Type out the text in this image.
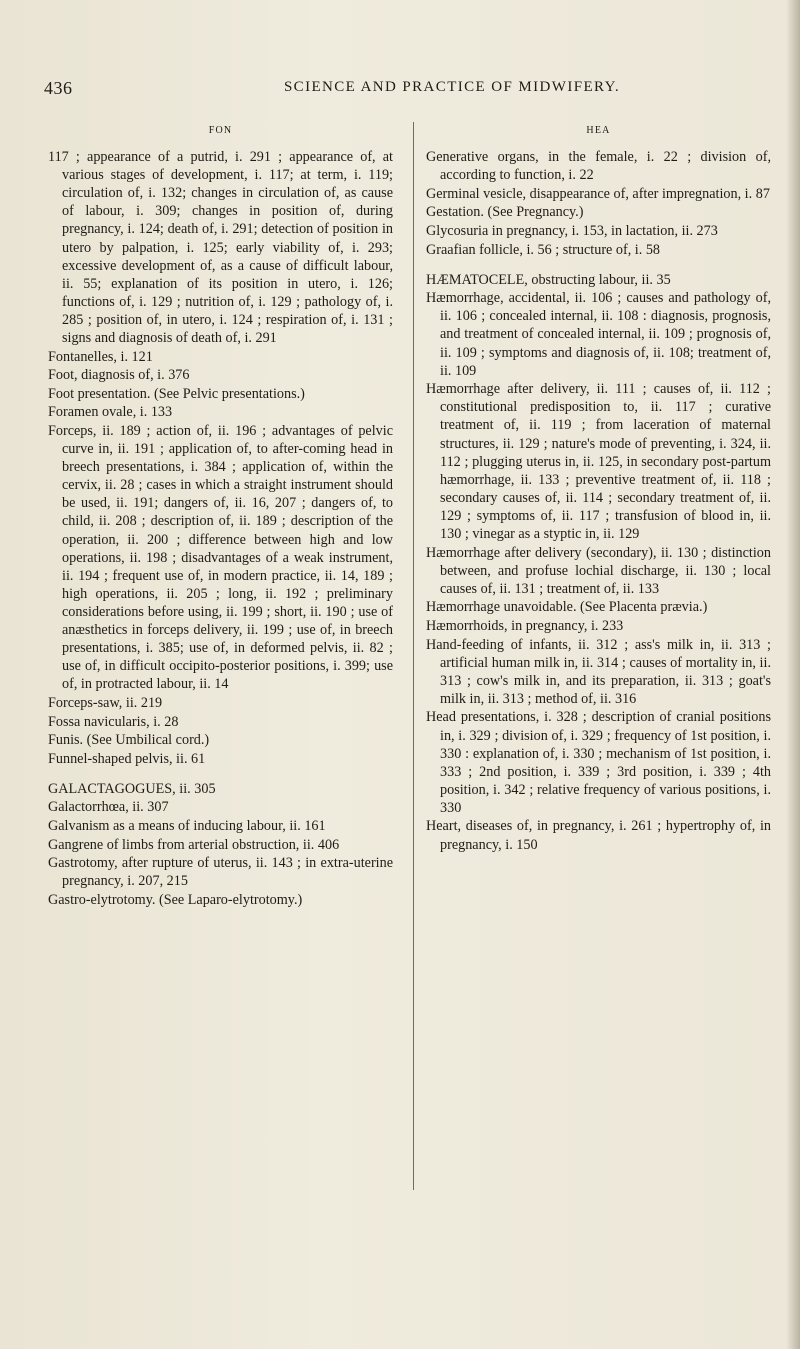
436	SCIENCE AND PRACTICE OF MIDWIFERY.
FON

117 ; appearance of a putrid, i. 291 ; appearance of, at various stages of development, i. 117; at term, i. 119; circulation of, i. 132; changes in circulation of, as cause of labour, i. 309; changes in position of, during pregnancy, i. 124; death of, i. 291; detection of position in utero by palpation, i. 125; early viability of, i. 293; excessive development of, as a cause of difficult labour, ii. 55; explanation of its position in utero, i. 126; functions of, i. 129 ; nutrition of, i. 129 ; pathology of, i. 285 ; position of, in utero, i. 124 ; respiration of, i. 131 ; signs and diagnosis of death of, i. 291

Fontanelles, i. 121

Foot, diagnosis of, i. 376

Foot presentation. (See Pelvic presentations.)

Foramen ovale, i. 133

Forceps, ii. 189 ; action of, ii. 196 ; advantages of pelvic curve in, ii. 191 ; application of, to after-coming head in breech presentations, i. 384 ; application of, within the cervix, ii. 28 ; cases in which a straight instrument should be used, ii. 191; dangers of, ii. 16, 207 ; dangers of, to child, ii. 208 ; description of, ii. 189 ; description of the operation, ii. 200 ; difference between high and low operations, ii. 198 ; disadvantages of a weak instrument, ii. 194 ; frequent use of, in modern practice, ii. 14, 189 ; high operations, ii. 205 ; long, ii. 192 ; preliminary considerations before using, ii. 199 ; short, ii. 190 ; use of anæsthetics in forceps delivery, ii. 199 ; use of, in breech presentations, i. 385; use of, in deformed pelvis, ii. 82 ; use of, in difficult occipito-posterior positions, i. 399; use of, in protracted labour, ii. 14

Forceps-saw, ii. 219

Fossa navicularis, i. 28

Funis. (See Umbilical cord.)

Funnel-shaped pelvis, ii. 61

GALACTAGOGUES, ii. 305

Galactorrhœa, ii. 307

Galvanism as a means of inducing labour, ii. 161

Gangrene of limbs from arterial obstruction, ii. 406

Gastrotomy, after rupture of uterus, ii. 143 ; in extra-uterine pregnancy, i. 207, 215

Gastro-elytrotomy. (See Laparo-elytrotomy.)

HEA

Generative organs, in the female, i. 22 ; division of, according to function, i. 22

Germinal vesicle, disappearance of, after impregnation, i. 87

Gestation. (See Pregnancy.)

Glycosuria in pregnancy, i. 153, in lactation, ii. 273

Graafian follicle, i. 56 ; structure of, i. 58

HÆMATOCELE, obstructing labour, ii. 35

Hæmorrhage, accidental, ii. 106 ; causes and pathology of, ii. 106 ; concealed internal, ii. 108 : diagnosis, prognosis, and treatment of concealed internal, ii. 109 ; prognosis of, ii. 109 ; symptoms and diagnosis of, ii. 108; treatment of, ii. 109

Hæmorrhage after delivery, ii. 111 ; causes of, ii. 112 ; constitutional predisposition to, ii. 117 ; curative treatment of, ii. 119 ; from laceration of maternal structures, ii. 129 ; nature's mode of preventing, i. 324, ii. 112 ; plugging uterus in, ii. 125, in secondary post-partum hæmorrhage, ii. 133 ; preventive treatment of, ii. 118 ; secondary causes of, ii. 114 ; secondary treatment of, ii. 129 ; symptoms of, ii. 117 ; transfusion of blood in, ii. 130 ; vinegar as a styptic in, ii. 129

Hæmorrhage after delivery (secondary), ii. 130 ; distinction between, and profuse lochial discharge, ii. 130 ; local causes of, ii. 131 ; treatment of, ii. 133

Hæmorrhage unavoidable. (See Placenta prævia.)

Hæmorrhoids, in pregnancy, i. 233

Hand-feeding of infants, ii. 312 ; ass's milk in, ii. 313 ; artificial human milk in, ii. 314 ; causes of mortality in, ii. 313 ; cow's milk in, and its preparation, ii. 313 ; goat's milk in, ii. 313 ; method of, ii. 316

Head presentations, i. 328 ; description of cranial positions in, i. 329 ; division of, i. 329 ; frequency of 1st position, i. 330 : explanation of, i. 330 ; mechanism of 1st position, i. 333 ; 2nd position, i. 339 ; 3rd position, i. 339 ; 4th position, i. 342 ; relative frequency of various positions, i. 330

Heart, diseases of, in pregnancy, i. 261 ; hypertrophy of, in pregnancy, i. 150
